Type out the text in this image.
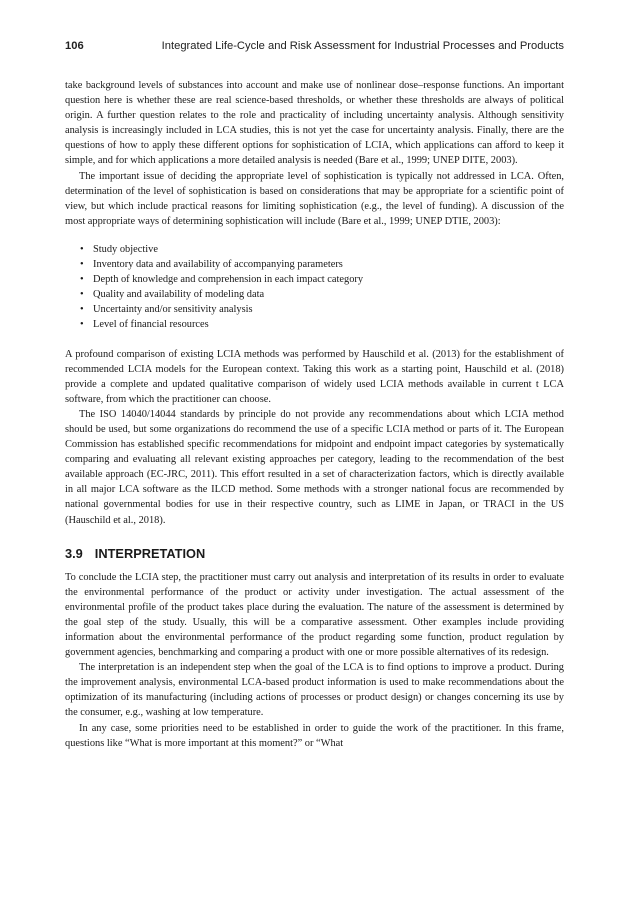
106	Integrated Life-Cycle and Risk Assessment for Industrial Processes and Products

take background levels of substances into account and make use of nonlinear dose–response functions. An important question here is whether these are real science-based thresholds, or whether these thresholds are always of political origin. A further question relates to the role and practicality of including uncertainty analysis. Although sensitivity analysis is increasingly included in LCA studies, this is not yet the case for uncertainty analysis. Finally, there are the questions of how to apply these different options for sophistication of LCIA, which applications can afford to keep it simple, and for which applications a more detailed analysis is needed (Bare et al., 1999; UNEP DITE, 2003).

The important issue of deciding the appropriate level of sophistication is typically not addressed in LCA. Often, determination of the level of sophistication is based on considerations that may be appropriate for a scientific point of view, but which include practical reasons for limiting sophistication (e.g., the level of funding). A discussion of the most appropriate ways of determining sophistication will include (Bare et al., 1999; UNEP DTIE, 2003):

• Study objective
• Inventory data and availability of accompanying parameters
• Depth of knowledge and comprehension in each impact category
• Quality and availability of modeling data
• Uncertainty and/or sensitivity analysis
• Level of financial resources

A profound comparison of existing LCIA methods was performed by Hauschild et al. (2013) for the establishment of recommended LCIA models for the European context. Taking this work as a starting point, Hauschild et al. (2018) provide a complete and updated qualitative comparison of widely used LCIA methods available in current t LCA software, from which the practitioner can choose.

The ISO 14040/14044 standards by principle do not provide any recommendations about which LCIA method should be used, but some organizations do recommend the use of a specific LCIA method or parts of it. The European Commission has established specific recommendations for midpoint and endpoint impact categories by systematically comparing and evaluating all relevant existing approaches per category, leading to the recommendation of the best available approach (EC-JRC, 2011). This effort resulted in a set of characterization factors, which is directly available in all major LCA software as the ILCD method. Some methods with a stronger national focus are recommended by national governmental bodies for use in their respective country, such as LIME in Japan, or TRACI in the US (Hauschild et al., 2018).

3.9 INTERPRETATION

To conclude the LCIA step, the practitioner must carry out analysis and interpretation of its results in order to evaluate the environmental performance of the product or activity under investigation. The actual assessment of the environmental profile of the product takes place during the evaluation. The nature of the assessment is determined by the goal step of the study. Usually, this will be a comparative assessment. Other examples include providing information about the environmental performance of the product regarding some function, product regulation by government agencies, benchmarking and comparing a product with one or more possible alternatives of its redesign.

The interpretation is an independent step when the goal of the LCA is to find options to improve a product. During the improvement analysis, environmental LCA-based product information is used to make recommendations about the optimization of its manufacturing (including actions of processes or product design) or changes concerning its use by the consumer, e.g., washing at low temperature.

In any case, some priorities need to be established in order to guide the work of the practitioner. In this frame, questions like “What is more important at this moment?” or “What
